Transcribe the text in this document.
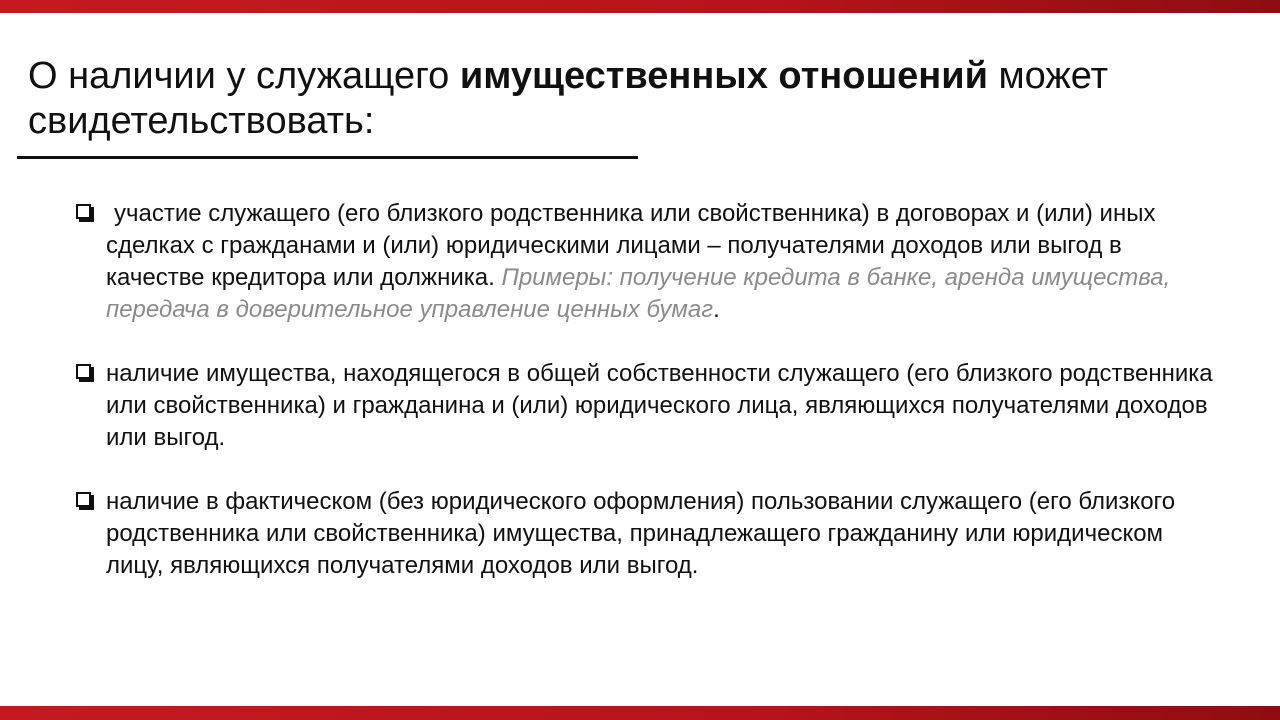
О наличии у служащего имущественных отношений может свидетельствовать:
участие служащего (его близкого родственника или свойственника) в договорах и (или) иных сделках с гражданами и (или) юридическими лицами – получателями доходов или выгод в качестве кредитора или должника. Примеры: получение кредита в банке, аренда имущества, передача в доверительное управление ценных бумаг.
наличие имущества, находящегося в общей собственности служащего (его близкого родственника или свойственника) и гражданина и (или) юридического лица, являющихся получателями доходов или выгод.
наличие в фактическом (без юридического оформления) пользовании служащего (его близкого родственника или свойственника) имущества, принадлежащего гражданину или юридическом лицу, являющихся получателями доходов или выгод.
